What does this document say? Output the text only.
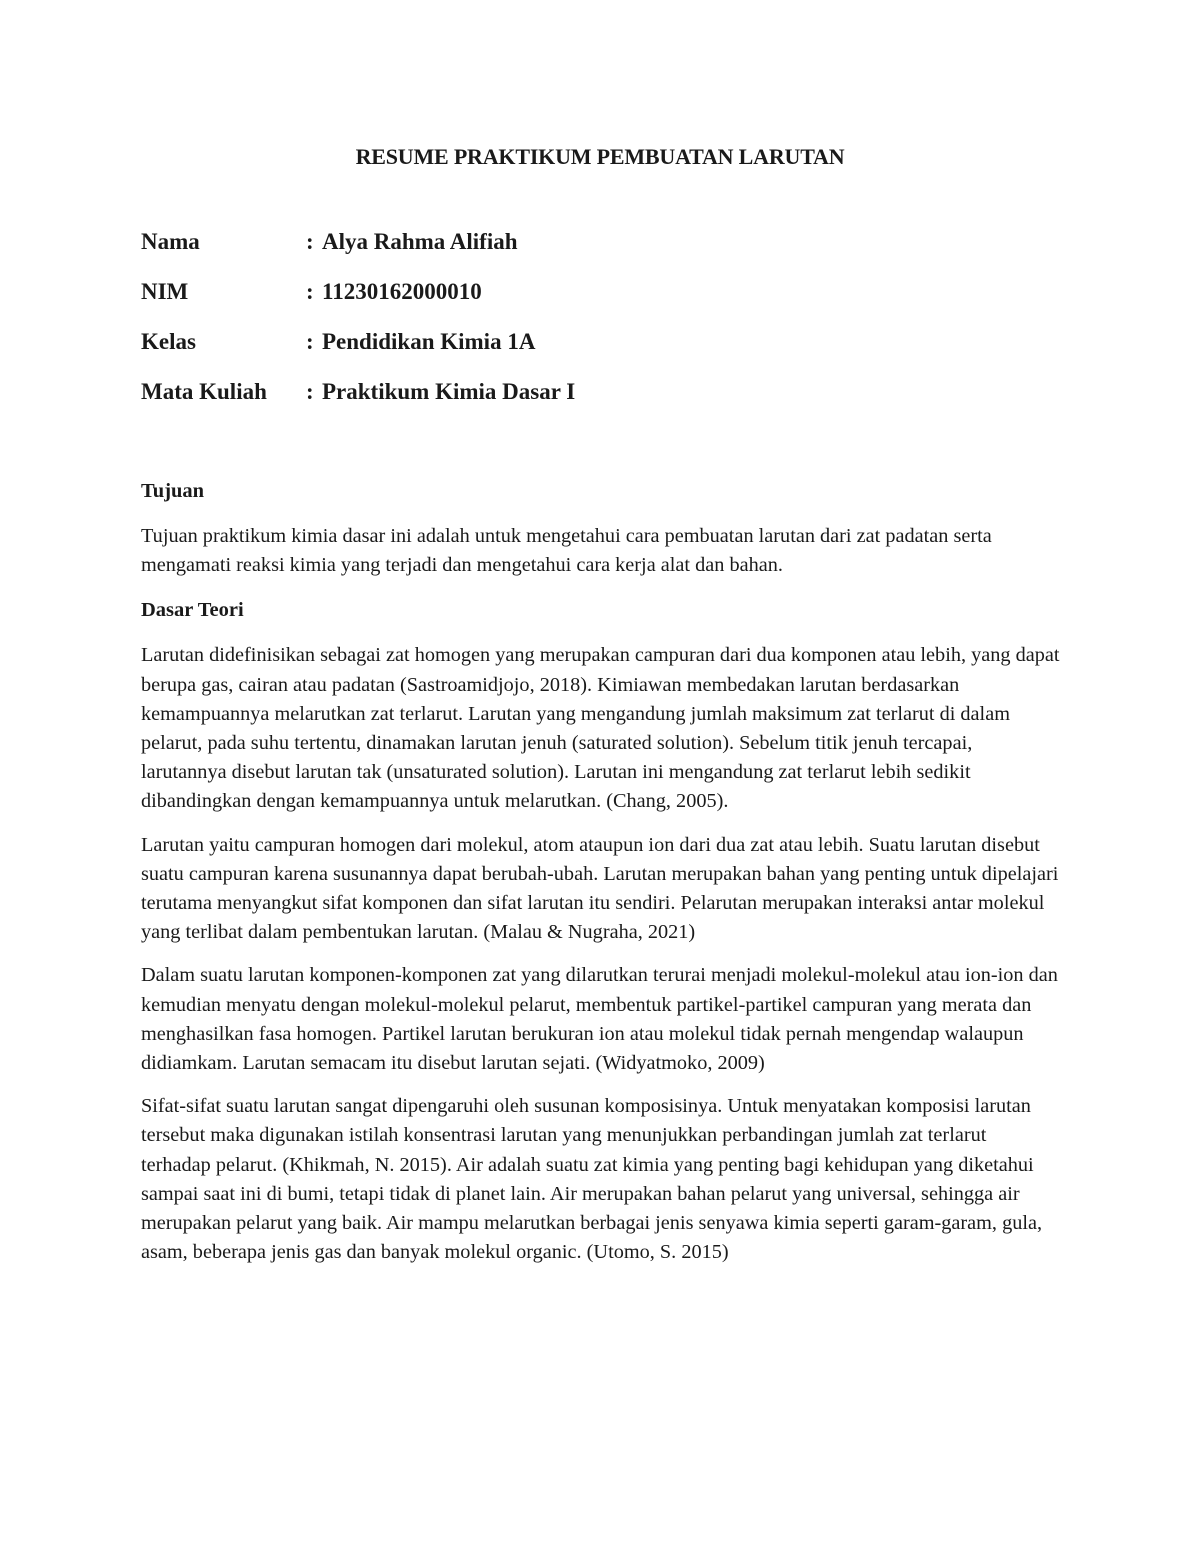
RESUME PRAKTIKUM PEMBUATAN LARUTAN
Nama	: Alya Rahma Alifiah
NIM	: 11230162000010
Kelas	: Pendidikan Kimia 1A
Mata Kuliah	: Praktikum Kimia Dasar I
Tujuan

Tujuan praktikum kimia dasar ini adalah untuk mengetahui cara pembuatan larutan dari zat padatan serta mengamati reaksi kimia yang terjadi dan mengetahui cara kerja alat dan bahan.

Dasar Teori

Larutan didefinisikan sebagai zat homogen yang merupakan campuran dari dua komponen atau lebih, yang dapat berupa gas, cairan atau padatan (Sastroamidjojo, 2018). Kimiawan membedakan larutan berdasarkan kemampuannya melarutkan zat terlarut. Larutan yang mengandung jumlah maksimum zat terlarut di dalam pelarut, pada suhu tertentu, dinamakan larutan jenuh (saturated solution). Sebelum titik jenuh tercapai, larutannya disebut larutan tak (unsaturated solution). Larutan ini mengandung zat terlarut lebih sedikit dibandingkan dengan kemampuannya untuk melarutkan. (Chang, 2005).

Larutan yaitu campuran homogen dari molekul, atom ataupun ion dari dua zat atau lebih. Suatu larutan disebut suatu campuran karena susunannya dapat berubah-ubah. Larutan merupakan bahan yang penting untuk dipelajari terutama menyangkut sifat komponen dan sifat larutan itu sendiri. Pelarutan merupakan interaksi antar molekul yang terlibat dalam pembentukan larutan. (Malau & Nugraha, 2021)

Dalam suatu larutan komponen-komponen zat yang dilarutkan terurai menjadi molekul-molekul atau ion-ion dan kemudian menyatu dengan molekul-molekul pelarut, membentuk partikel-partikel campuran yang merata dan menghasilkan fasa homogen. Partikel larutan berukuran ion atau molekul tidak pernah mengendap walaupun didiamkam. Larutan semacam itu disebut larutan sejati. (Widyatmoko, 2009)

Sifat-sifat suatu larutan sangat dipengaruhi oleh susunan komposisinya. Untuk menyatakan komposisi larutan tersebut maka digunakan istilah konsentrasi larutan yang menunjukkan perbandingan jumlah zat terlarut terhadap pelarut. (Khikmah, N. 2015). Air adalah suatu zat kimia yang penting bagi kehidupan yang diketahui sampai saat ini di bumi, tetapi tidak di planet lain. Air merupakan bahan pelarut yang universal, sehingga air merupakan pelarut yang baik. Air mampu melarutkan berbagai jenis senyawa kimia seperti garam-garam, gula, asam, beberapa jenis gas dan banyak molekul organic. (Utomo, S. 2015)
